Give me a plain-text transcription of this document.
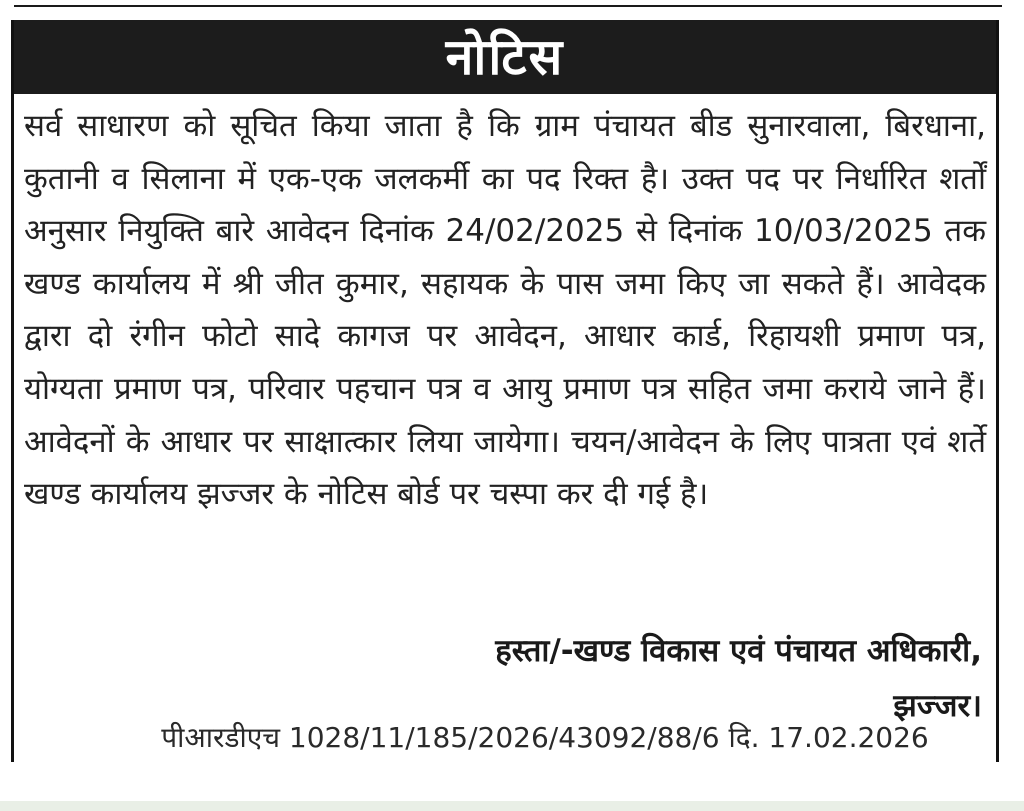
नोटिस

सर्व साधारण को सूचित किया जाता है कि ग्राम पंचायत बीड सुनारवाला, बिरधाना, कुतानी व सिलाना में एक-एक जलकर्मी का पद रिक्त है। उक्त पद पर निर्धारित शर्तों अनुसार नियुक्ति बारे आवेदन दिनांक 24/02/2025 से दिनांक 10/03/2025 तक खण्ड कार्यालय में श्री जीत कुमार, सहायक के पास जमा किए जा सकते हैं। आवेदक द्वारा दो रंगीन फोटो सादे कागज पर आवेदन, आधार कार्ड, रिहायशी प्रमाण पत्र, योग्यता प्रमाण पत्र, परिवार पहचान पत्र व आयु प्रमाण पत्र सहित जमा कराये जाने हैं। आवेदनों के आधार पर साक्षात्कार लिया जायेगा। चयन/आवेदन के लिए पात्रता एवं शर्ते खण्ड कार्यालय झज्जर के नोटिस बोर्ड पर चस्पा कर दी गई है।

हस्ता/-खण्ड विकास एवं पंचायत अधिकारी,
झज्जर।
पीआरडीएच 1028/11/185/2026/43092/88/6 दि. 17.02.2026
